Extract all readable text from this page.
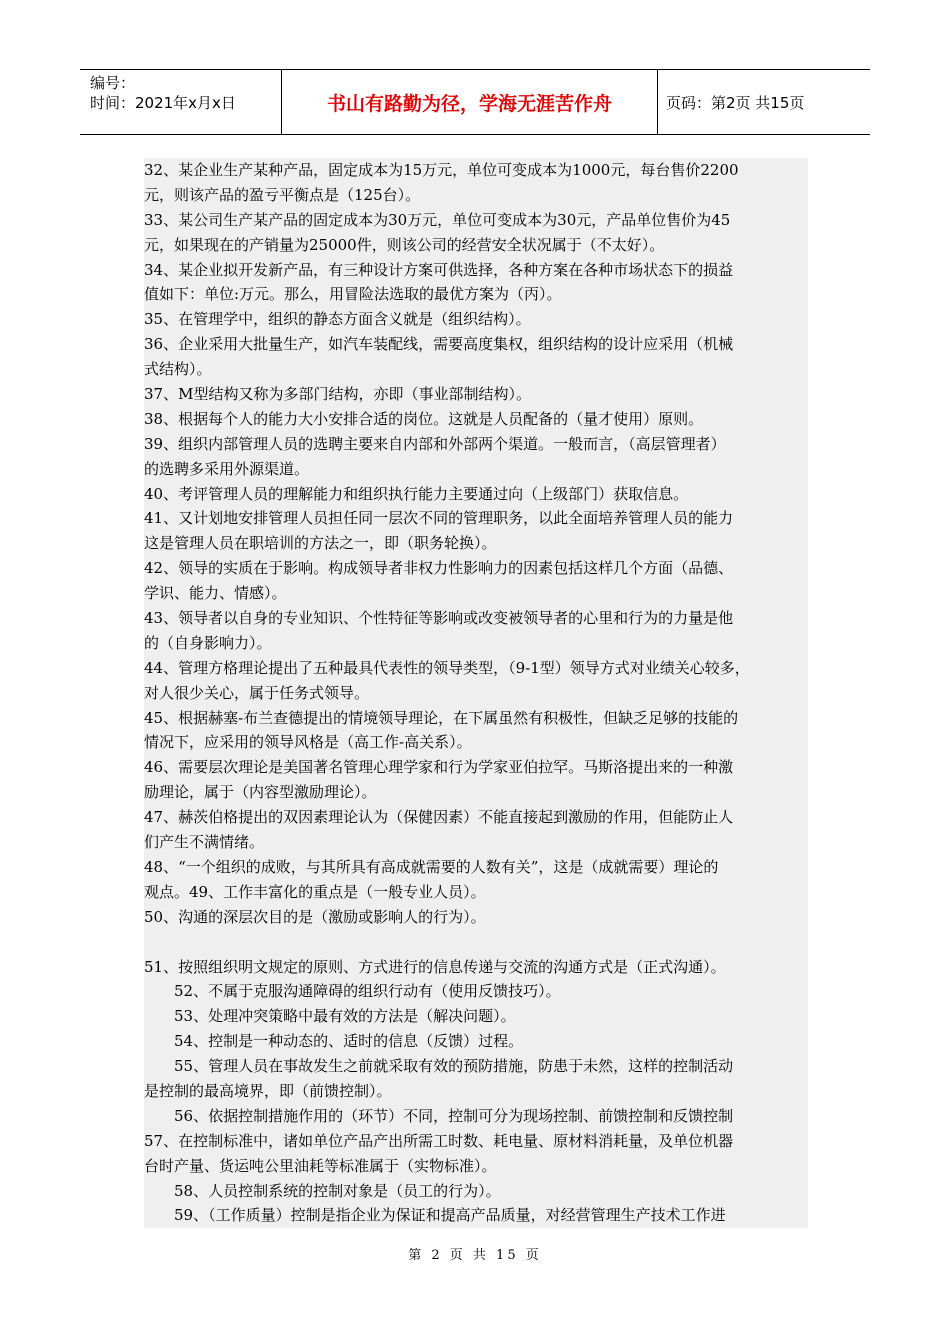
编号：
时间：2021年x月x日	书山有路勤为径，学海无涯苦作舟	页码：第2页 共15页
32、某企业生产某种产品，固定成本为15万元，单位可变成本为1000元，每台售价2200
元，则该产品的盈亏平衡点是（125台）。
33、某公司生产某产品的固定成本为30万元，单位可变成本为30元，产品单位售价为45
元，如果现在的产销量为25000件，则该公司的经营安全状况属于（不太好）。
34、某企业拟开发新产品，有三种设计方案可供选择，各种方案在各种市场状态下的损益
值如下：单位:万元。那么，用冒险法选取的最优方案为（丙）。
35、在管理学中，组织的静态方面含义就是（组织结构）。
36、企业采用大批量生产，如汽车装配线，需要高度集权，组织结构的设计应采用（机械
式结构）。
37、M型结构又称为多部门结构，亦即（事业部制结构）。
38、根据每个人的能力大小安排合适的岗位。这就是人员配备的（量才使用）原则。
39、组织内部管理人员的选聘主要来自内部和外部两个渠道。一般而言，（高层管理者）
的选聘多采用外源渠道。
40、考评管理人员的理解能力和组织执行能力主要通过向（上级部门）获取信息。
41、又计划地安排管理人员担任同一层次不同的管理职务，以此全面培养管理人员的能力
这是管理人员在职培训的方法之一，即（职务轮换）。
42、领导的实质在于影响。构成领导者非权力性影响力的因素包括这样几个方面（品德、
学识、能力、情感）。
43、领导者以自身的专业知识、个性特征等影响或改变被领导者的心里和行为的力量是他
的（自身影响力）。
44、管理方格理论提出了五种最具代表性的领导类型，（9-1型）领导方式对业绩关心较多，
对人很少关心，属于任务式领导。
45、根据赫塞-布兰查德提出的情境领导理论，在下属虽然有积极性，但缺乏足够的技能的
情况下，应采用的领导风格是（高工作-高关系）。
46、需要层次理论是美国著名管理心理学家和行为学家亚伯拉罕。马斯洛提出来的一种激
励理论，属于（内容型激励理论）。
47、赫茨伯格提出的双因素理论认为（保健因素）不能直接起到激励的作用，但能防止人
们产生不满情绪。
48、“一个组织的成败，与其所具有高成就需要的人数有关”，这是（成就需要）理论的
观点。49、工作丰富化的重点是（一般专业人员）。
50、沟通的深层次目的是（激励或影响人的行为）。
51、按照组织明文规定的原则、方式进行的信息传递与交流的沟通方式是（正式沟通）。
52、不属于克服沟通障碍的组织行动有（使用反馈技巧）。
53、处理冲突策略中最有效的方法是（解决问题）。
54、控制是一种动态的、适时的信息（反馈）过程。
55、管理人员在事故发生之前就采取有效的预防措施，防患于未然，这样的控制活动
是控制的最高境界，即（前馈控制）。
56、依据控制措施作用的（环节）不同，控制可分为现场控制、前馈控制和反馈控制
57、在控制标准中，诸如单位产品产出所需工时数、耗电量、原材料消耗量，及单位机器
台时产量、货运吨公里油耗等标准属于（实物标准）。
58、人员控制系统的控制对象是（员工的行为）。
59、（工作质量）控制是指企业为保证和提高产品质量，对经营管理生产技术工作进
第 2 页 共 15 页
